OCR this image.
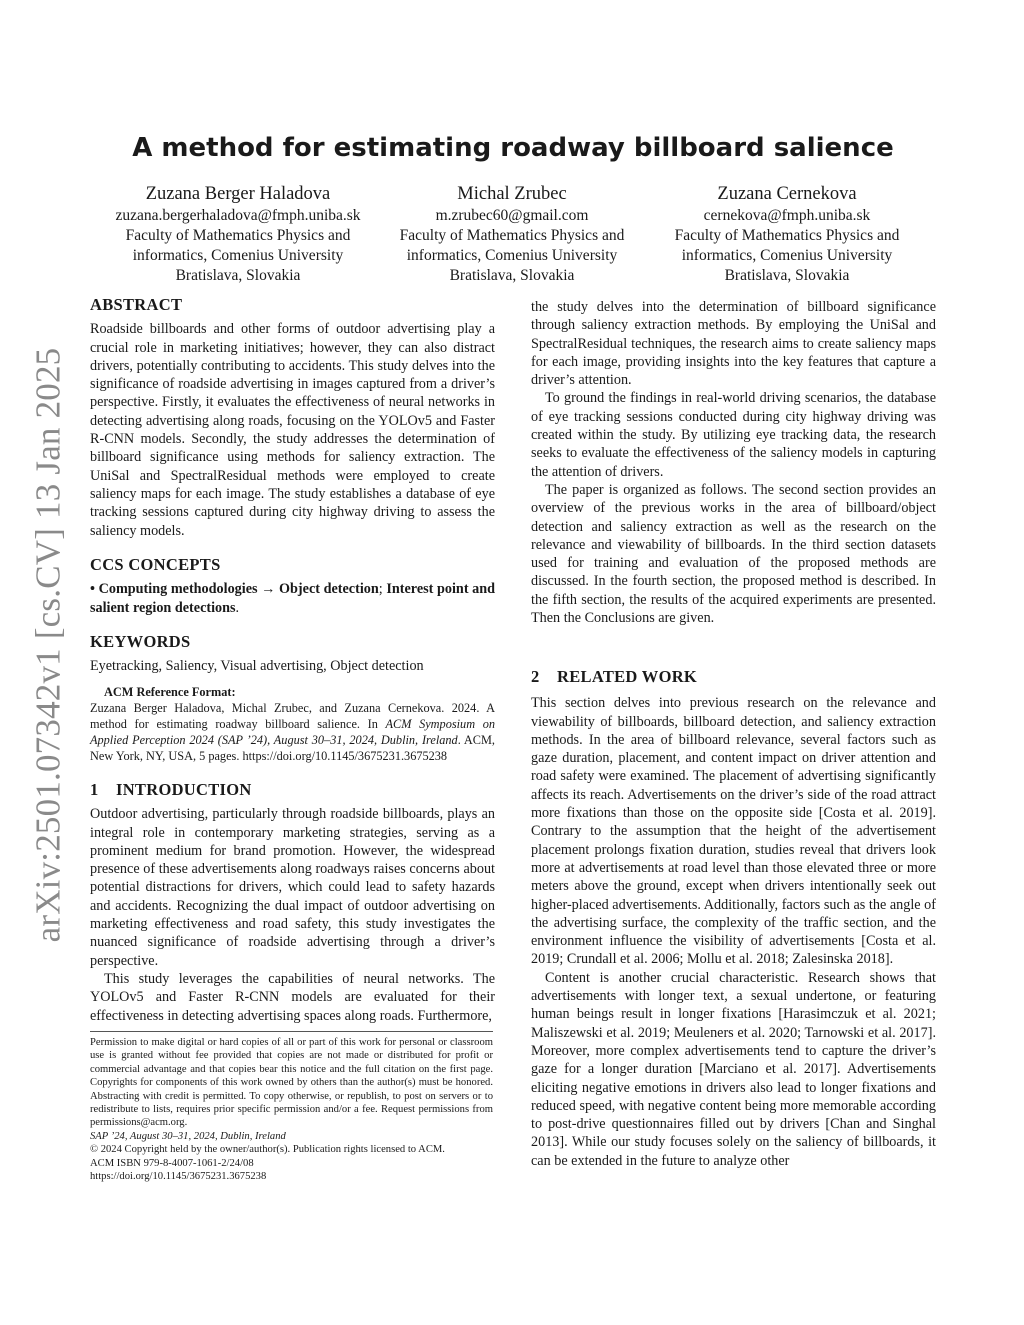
arXiv:2501.07342v1 [cs.CV] 13 Jan 2025
A method for estimating roadway billboard salience
Zuzana Berger Haladova
zuzana.bergerhaladova@fmph.uniba.sk
Faculty of Mathematics Physics and
informatics, Comenius University
Bratislava, Slovakia
Michal Zrubec
m.zrubec60@gmail.com
Faculty of Mathematics Physics and
informatics, Comenius University
Bratislava, Slovakia
Zuzana Cernekova
cernekova@fmph.uniba.sk
Faculty of Mathematics Physics and
informatics, Comenius University
Bratislava, Slovakia
ABSTRACT

Roadside billboards and other forms of outdoor advertising play a crucial role in marketing initiatives; however, they can also distract drivers, potentially contributing to accidents. This study delves into the significance of roadside advertising in images captured from a driver’s perspective. Firstly, it evaluates the effectiveness of neural networks in detecting advertising along roads, focusing on the YOLOv5 and Faster R-CNN models. Secondly, the study addresses the determination of billboard significance using methods for saliency extraction. The UniSal and SpectralResidual methods were employed to create saliency maps for each image. The study establishes a database of eye tracking sessions captured during city highway driving to assess the saliency models.

CCS CONCEPTS

• Computing methodologies → Object detection; Interest point and salient region detections.

KEYWORDS

Eyetracking, Saliency, Visual advertising, Object detection

ACM Reference Format:

Zuzana Berger Haladova, Michal Zrubec, and Zuzana Cernekova. 2024. A method for estimating roadway billboard salience. In ACM Symposium on Applied Perception 2024 (SAP ’24), August 30–31, 2024, Dublin, Ireland. ACM, New York, NY, USA, 5 pages. https://doi.org/10.1145/3675231.3675238

1 INTRODUCTION

Outdoor advertising, particularly through roadside billboards, plays an integral role in contemporary marketing strategies, serving as a prominent medium for brand promotion. However, the widespread presence of these advertisements along roadways raises concerns about potential distractions for drivers, which could lead to safety hazards and accidents. Recognizing the dual impact of outdoor advertising on marketing effectiveness and road safety, this study investigates the nuanced significance of roadside advertising through a driver’s perspective.

This study leverages the capabilities of neural networks. The YOLOv5 and Faster R-CNN models are evaluated for their effectiveness in detecting advertising spaces along roads. Furthermore,

Permission to make digital or hard copies of all or part of this work for personal or classroom use is granted without fee provided that copies are not made or distributed for profit or commercial advantage and that copies bear this notice and the full citation on the first page. Copyrights for components of this work owned by others than the author(s) must be honored. Abstracting with credit is permitted. To copy otherwise, or republish, to post on servers or to redistribute to lists, requires prior specific permission and/or a fee. Request permissions from permissions@acm.org.

SAP ’24, August 30–31, 2024, Dublin, Ireland

© 2024 Copyright held by the owner/author(s). Publication rights licensed to ACM.

ACM ISBN 979-8-4007-1061-2/24/08

https://doi.org/10.1145/3675231.3675238

the study delves into the determination of billboard significance through saliency extraction methods. By employing the UniSal and SpectralResidual techniques, the research aims to create saliency maps for each image, providing insights into the key features that capture a driver’s attention.

To ground the findings in real-world driving scenarios, the database of eye tracking sessions conducted during city highway driving was created within the study. By utilizing eye tracking data, the research seeks to evaluate the effectiveness of the saliency models in capturing the attention of drivers.

The paper is organized as follows. The second section provides an overview of the previous works in the area of billboard/object detection and saliency extraction as well as the research on the relevance and viewability of billboards. In the third section datasets used for training and evaluation of the proposed methods are discussed. In the fourth section, the proposed method is described. In the fifth section, the results of the acquired experiments are presented. Then the Conclusions are given.

2 RELATED WORK

This section delves into previous research on the relevance and viewability of billboards, billboard detection, and saliency extraction methods. In the area of billboard relevance, several factors such as gaze duration, placement, and content impact on driver attention and road safety were examined. The placement of advertising significantly affects its reach. Advertisements on the driver’s side of the road attract more fixations than those on the opposite side [Costa et al. 2019]. Contrary to the assumption that the height of the advertisement placement prolongs fixation duration, studies reveal that drivers look more at advertisements at road level than those elevated three or more meters above the ground, except when drivers intentionally seek out higher-placed advertisements. Additionally, factors such as the angle of the advertising surface, the complexity of the traffic section, and the environment influence the visibility of advertisements [Costa et al. 2019; Crundall et al. 2006; Mollu et al. 2018; Zalesinska 2018].

Content is another crucial characteristic. Research shows that advertisements with longer text, a sexual undertone, or featuring human beings result in longer fixations [Harasimczuk et al. 2021; Maliszewski et al. 2019; Meuleners et al. 2020; Tarnowski et al. 2017]. Moreover, more complex advertisements tend to capture the driver’s gaze for a longer duration [Marciano et al. 2017]. Advertisements eliciting negative emotions in drivers also lead to longer fixations and reduced speed, with negative content being more memorable according to post-drive questionnaires filled out by drivers [Chan and Singhal 2013]. While our study focuses solely on the saliency of billboards, it can be extended in the future to analyze other
